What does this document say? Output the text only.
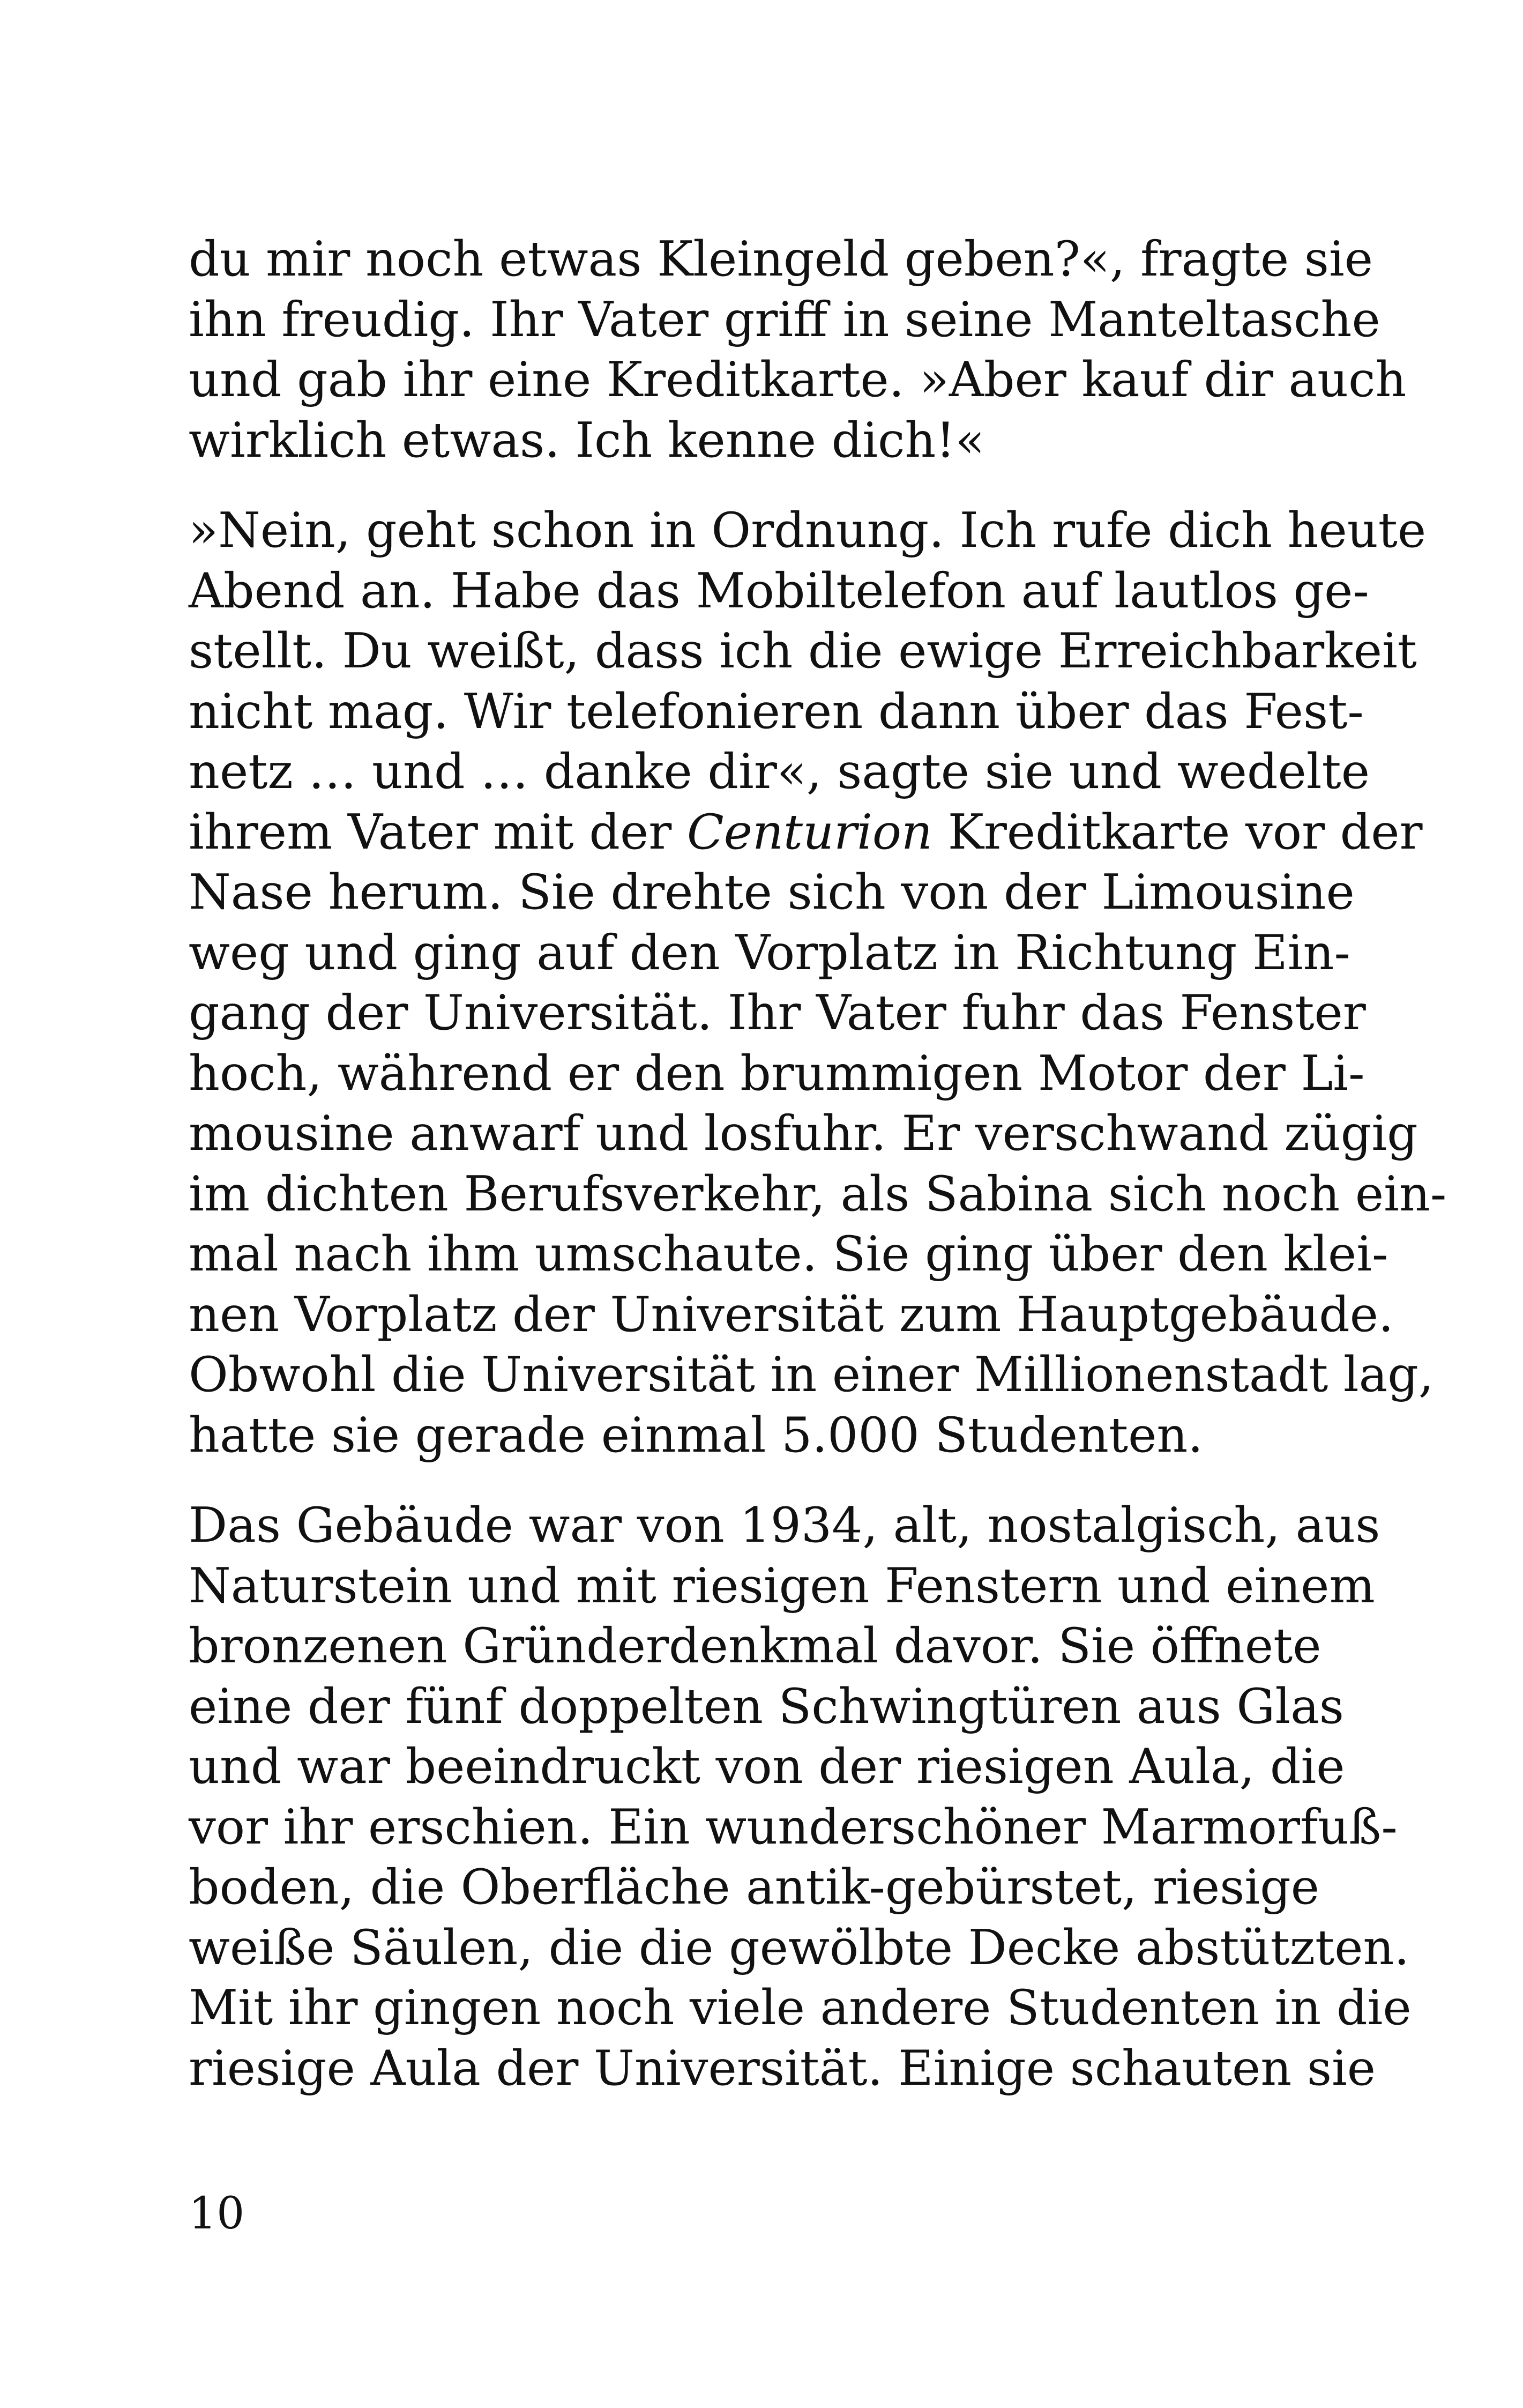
du mir noch etwas Kleingeld geben?«, fragte sie
ihn freudig. Ihr Vater griff in seine Manteltasche
und gab ihr eine Kreditkarte. »Aber kauf dir auch
wirklich etwas. Ich kenne dich!«

»Nein, geht schon in Ordnung. Ich rufe dich heute
Abend an. Habe das Mobiltelefon auf lautlos ge-
stellt. Du weißt, dass ich die ewige Erreichbarkeit
nicht mag. Wir telefonieren dann über das Fest-
netz … und … danke dir«, sagte sie und wedelte
ihrem Vater mit der Centurion Kreditkarte vor der
Nase herum. Sie drehte sich von der Limousine
weg und ging auf den Vorplatz in Richtung Ein-
gang der Universität. Ihr Vater fuhr das Fenster
hoch, während er den brummigen Motor der Li-
mousine anwarf und losfuhr. Er verschwand zügig
im dichten Berufsverkehr, als Sabina sich noch ein-
mal nach ihm umschaute. Sie ging über den klei-
nen Vorplatz der Universität zum Hauptgebäude.
Obwohl die Universität in einer Millionenstadt lag,
hatte sie gerade einmal 5.000 Studenten.

Das Gebäude war von 1934, alt, nostalgisch, aus
Naturstein und mit riesigen Fenstern und einem
bronzenen Gründerdenkmal davor. Sie öffnete
eine der fünf doppelten Schwingtüren aus Glas
und war beeindruckt von der riesigen Aula, die
vor ihr erschien. Ein wunderschöner Marmorfuß-
boden, die Oberfläche antik-gebürstet, riesige
weiße Säulen, die die gewölbte Decke abstützten.
Mit ihr gingen noch viele andere Studenten in die
riesige Aula der Universität. Einige schauten sie

10
